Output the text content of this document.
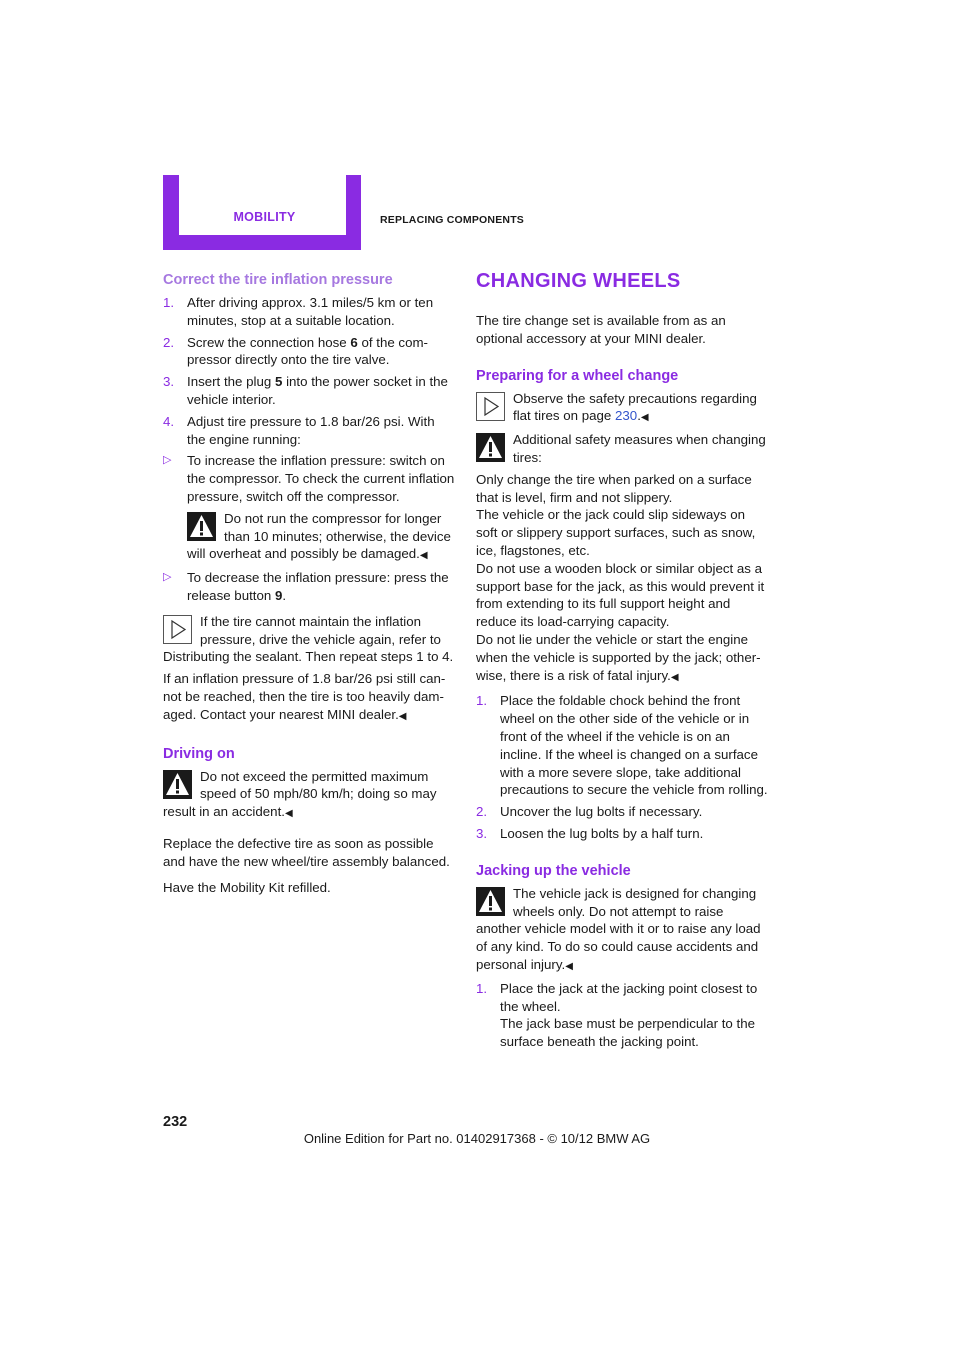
MOBILITY	REPLACING COMPONENTS
Correct the tire inflation pressure
1. After driving approx. 3.1 miles/5 km or ten minutes, stop at a suitable location.
2. Screw the connection hose 6 of the compressor directly onto the tire valve.
3. Insert the plug 5 into the power socket in the vehicle interior.
4. Adjust tire pressure to 1.8 bar/26 psi. With the engine running:
▷ To increase the inflation pressure: switch on the compressor. To check the current inflation pressure, switch off the compressor.
Do not run the compressor for longer than 10 minutes; otherwise, the device will overheat and possibly be damaged.◀
▷ To decrease the inflation pressure: press the release button 9.
If the tire cannot maintain the inflation pressure, drive the vehicle again, refer to Distributing the sealant. Then repeat steps 1 to 4.

If an inflation pressure of 1.8 bar/26 psi still cannot be reached, then the tire is too heavily damaged. Contact your nearest MINI dealer.◀

Driving on
Do not exceed the permitted maximum speed of 50 mph/80 km/h; doing so may result in an accident.◀

Replace the defective tire as soon as possible and have the new wheel/tire assembly balanced.

Have the Mobility Kit refilled.

CHANGING WHEELS

The tire change set is available from as an optional accessory at your MINI dealer.

Preparing for a wheel change
Observe the safety precautions regarding flat tires on page 230.◀
Additional safety measures when changing tires:

Only change the tire when parked on a surface that is level, firm and not slippery.

The vehicle or the jack could slip sideways on soft or slippery support surfaces, such as snow, ice, flagstones, etc.

Do not use a wooden block or similar object as a support base for the jack, as this would prevent it from extending to its full support height and reduce its load-carrying capacity.

Do not lie under the vehicle or start the engine when the vehicle is supported by the jack; otherwise, there is a risk of fatal injury.◀

1. Place the foldable chock behind the front wheel on the other side of the vehicle or in front of the wheel if the vehicle is on an incline. If the wheel is changed on a surface with a more severe slope, take additional precautions to secure the vehicle from rolling.
2. Uncover the lug bolts if necessary.
3. Loosen the lug bolts by a half turn.
Jacking up the vehicle
The vehicle jack is designed for changing wheels only. Do not attempt to raise another vehicle model with it or to raise any load of any kind. To do so could cause accidents and personal injury.◀
1. Place the jack at the jacking point closest to the wheel.
The jack base must be perpendicular to the surface beneath the jacking point.
232
Online Edition for Part no. 01402917368 - © 10/12 BMW AG
